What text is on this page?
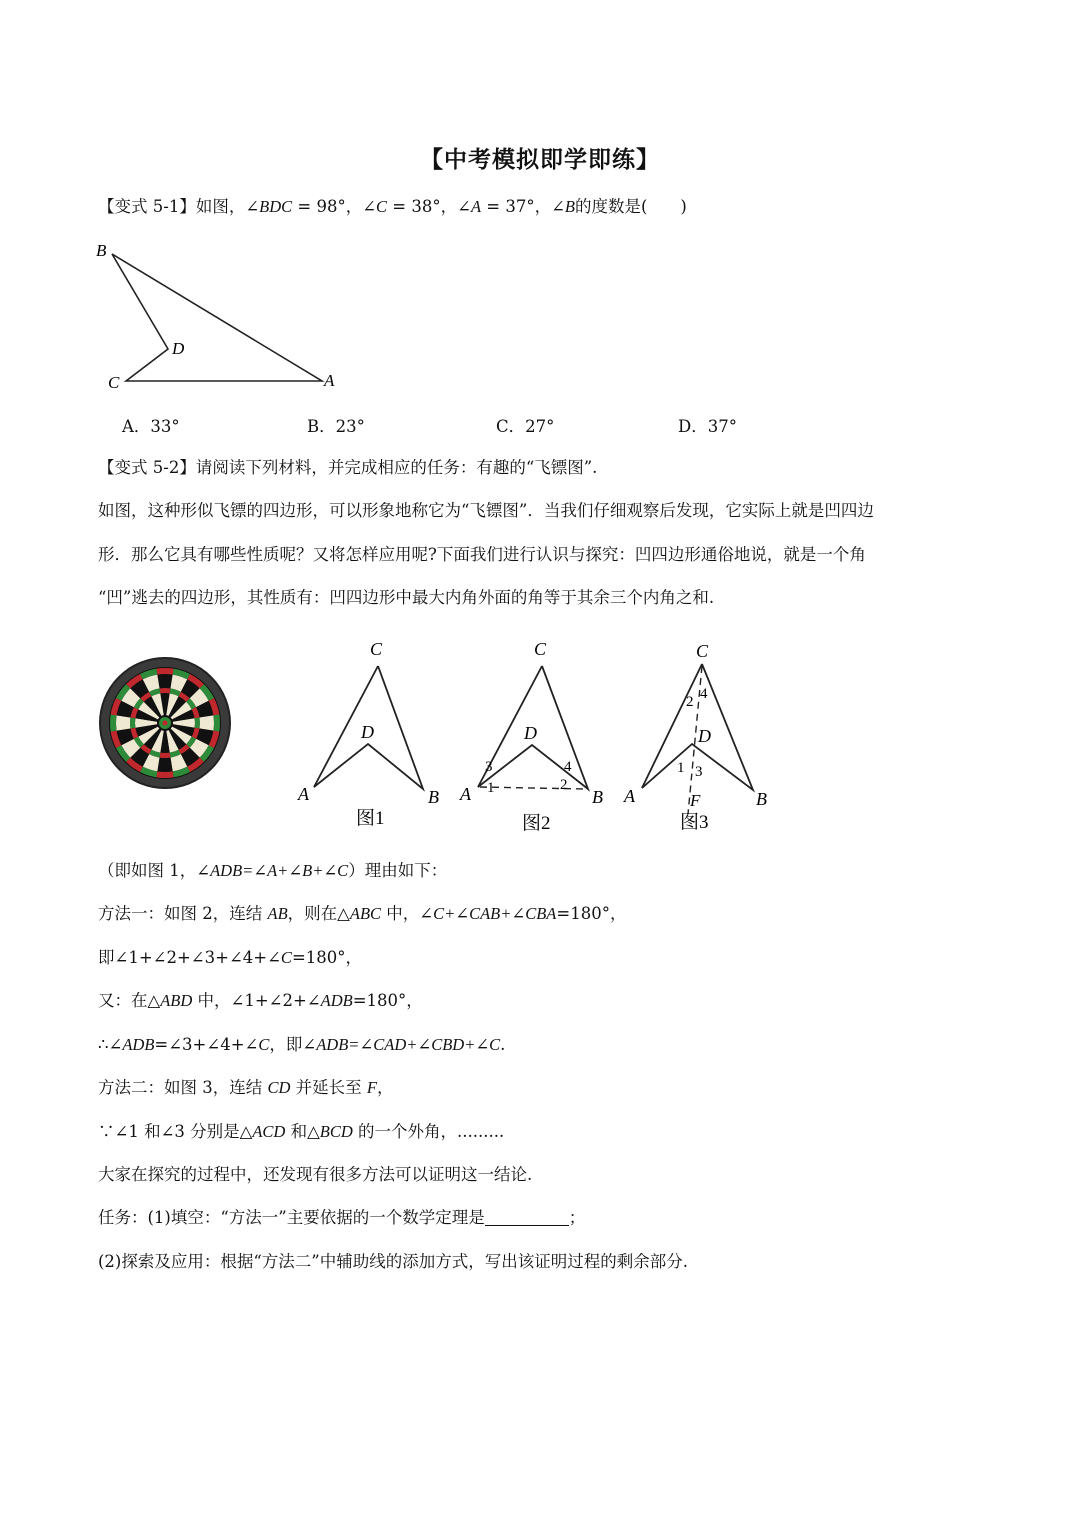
【中考模拟即学即练】
【变式 5-1】如图，∠BDC = 98°，∠C = 38°，∠A = 37°，∠B的度数是(　　)
B
D
C	A
A．33°	B．23°	C．27°	D．37°
【变式 5-2】请阅读下列材料，并完成相应的任务：有趣的“飞镖图”.
如图，这种形似飞镖的四边形，可以形象地称它为“飞镖图”．当我们仔细观察后发现，它实际上就是凹四边
形．那么它具有哪些性质呢？又将怎样应用呢?下面我们进行认识与探究：凹四边形通俗地说，就是一个角
“凹”逃去的四边形，其性质有：凹四边形中最大内角外面的角等于其余三个内角之和.
C
D
A	B
图1
C
D
A	B
1	2
3	4
图2
C
D
A	B
F
1
2
3
4
图3
（即如图 1，∠ADB=∠A+∠B+∠C）理由如下：
方法一：如图 2，连结 AB，则在△ABC 中，∠C+∠CAB+∠CBA=180°，
即∠1+∠2+∠3+∠4+∠C=180°，
又：在△ABD 中，∠1+∠2+∠ADB=180°，
∴∠ADB=∠3+∠4+∠C，即∠ADB=∠CAD+∠CBD+∠C.
方法二：如图 3，连结 CD 并延长至 F，
∵∠1 和∠3 分别是△ACD 和△BCD 的一个外角，.........
大家在探究的过程中，还发现有很多方法可以证明这一结论.
任务：(1)填空：“方法一”主要依据的一个数学定理是	；
(2)探索及应用：根据“方法二”中辅助线的添加方式，写出该证明过程的剩余部分.
